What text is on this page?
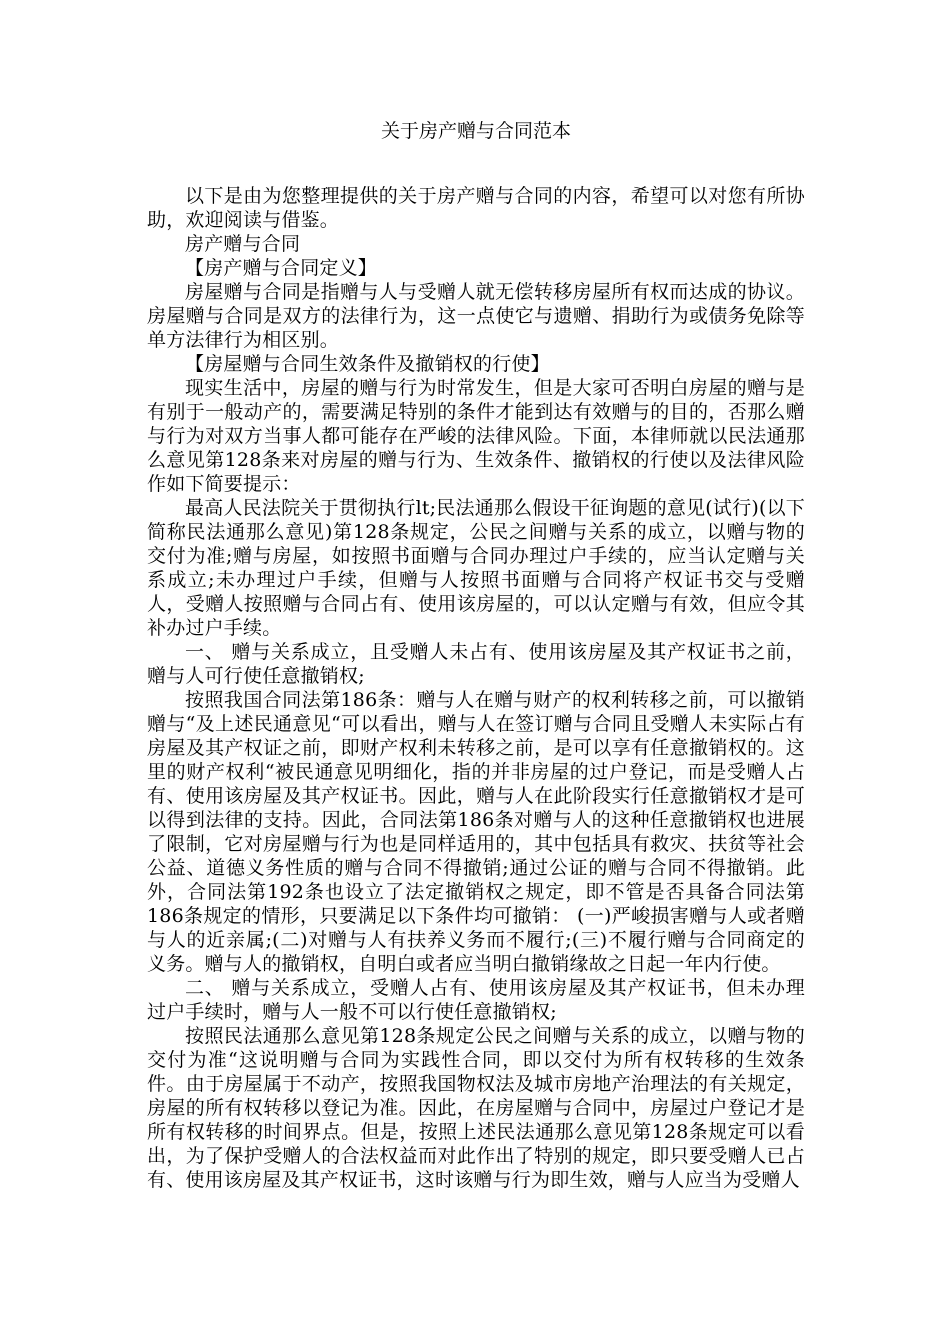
关于房产赠与合同范本

以下是由为您整理提供的关于房产赠与合同的内容，希望可以对您有所协助，欢迎阅读与借鉴。

房产赠与合同

【房产赠与合同定义】

房屋赠与合同是指赠与人与受赠人就无偿转移房屋所有权而达成的协议。房屋赠与合同是双方的法律行为，这一点使它与遗赠、捐助行为或债务免除等单方法律行为相区别。

【房屋赠与合同生效条件及撤销权的行使】

现实生活中，房屋的赠与行为时常发生，但是大家可否明白房屋的赠与是有别于一般动产的，需要满足特别的条件才能到达有效赠与的目的，否那么赠与行为对双方当事人都可能存在严峻的法律风险。下面，本律师就以民法通那么意见第128条来对房屋的赠与行为、生效条件、撤销权的行使以及法律风险作如下简要提示：

最高人民法院关于贯彻执行lt;民法通那么假设干征询题的意见(试行)(以下简称民法通那么意见)第128条规定，公民之间赠与关系的成立，以赠与物的交付为准;赠与房屋，如按照书面赠与合同办理过户手续的，应当认定赠与关系成立;未办理过户手续，但赠与人按照书面赠与合同将产权证书交与受赠人，受赠人按照赠与合同占有、使用该房屋的，可以认定赠与有效，但应令其补办过户手续。

一、 赠与关系成立，且受赠人未占有、使用该房屋及其产权证书之前，赠与人可行使任意撤销权;

按照我国合同法第186条：赠与人在赠与财产的权利转移之前，可以撤销赠与“及上述民通意见“可以看出，赠与人在签订赠与合同且受赠人未实际占有房屋及其产权证之前，即财产权利未转移之前，是可以享有任意撤销权的。这里的财产权利“被民通意见明细化，指的并非房屋的过户登记，而是受赠人占有、使用该房屋及其产权证书。因此，赠与人在此阶段实行任意撤销权才是可以得到法律的支持。因此，合同法第186条对赠与人的这种任意撤销权也进展了限制，它对房屋赠与行为也是同样适用的，其中包括具有救灾、扶贫等社会公益、道德义务性质的赠与合同不得撤销;通过公证的赠与合同不得撤销。此外，合同法第192条也设立了法定撤销权之规定，即不管是否具备合同法第186条规定的情形，只要满足以下条件均可撤销： (一)严峻损害赠与人或者赠与人的近亲属;(二)对赠与人有扶养义务而不履行;(三)不履行赠与合同商定的义务。赠与人的撤销权，自明白或者应当明白撤销缘故之日起一年内行使。

二、 赠与关系成立，受赠人占有、使用该房屋及其产权证书，但未办理过户手续时，赠与人一般不可以行使任意撤销权;

按照民法通那么意见第128条规定公民之间赠与关系的成立，以赠与物的交付为准“这说明赠与合同为实践性合同，即以交付为所有权转移的生效条件。由于房屋属于不动产，按照我国物权法及城市房地产治理法的有关规定，房屋的所有权转移以登记为准。因此，在房屋赠与合同中，房屋过户登记才是所有权转移的时间界点。但是，按照上述民法通那么意见第128条规定可以看出，为了保护受赠人的合法权益而对此作出了特别的规定，即只要受赠人已占有、使用该房屋及其产权证书，这时该赠与行为即生效，赠与人应当为受赠人
